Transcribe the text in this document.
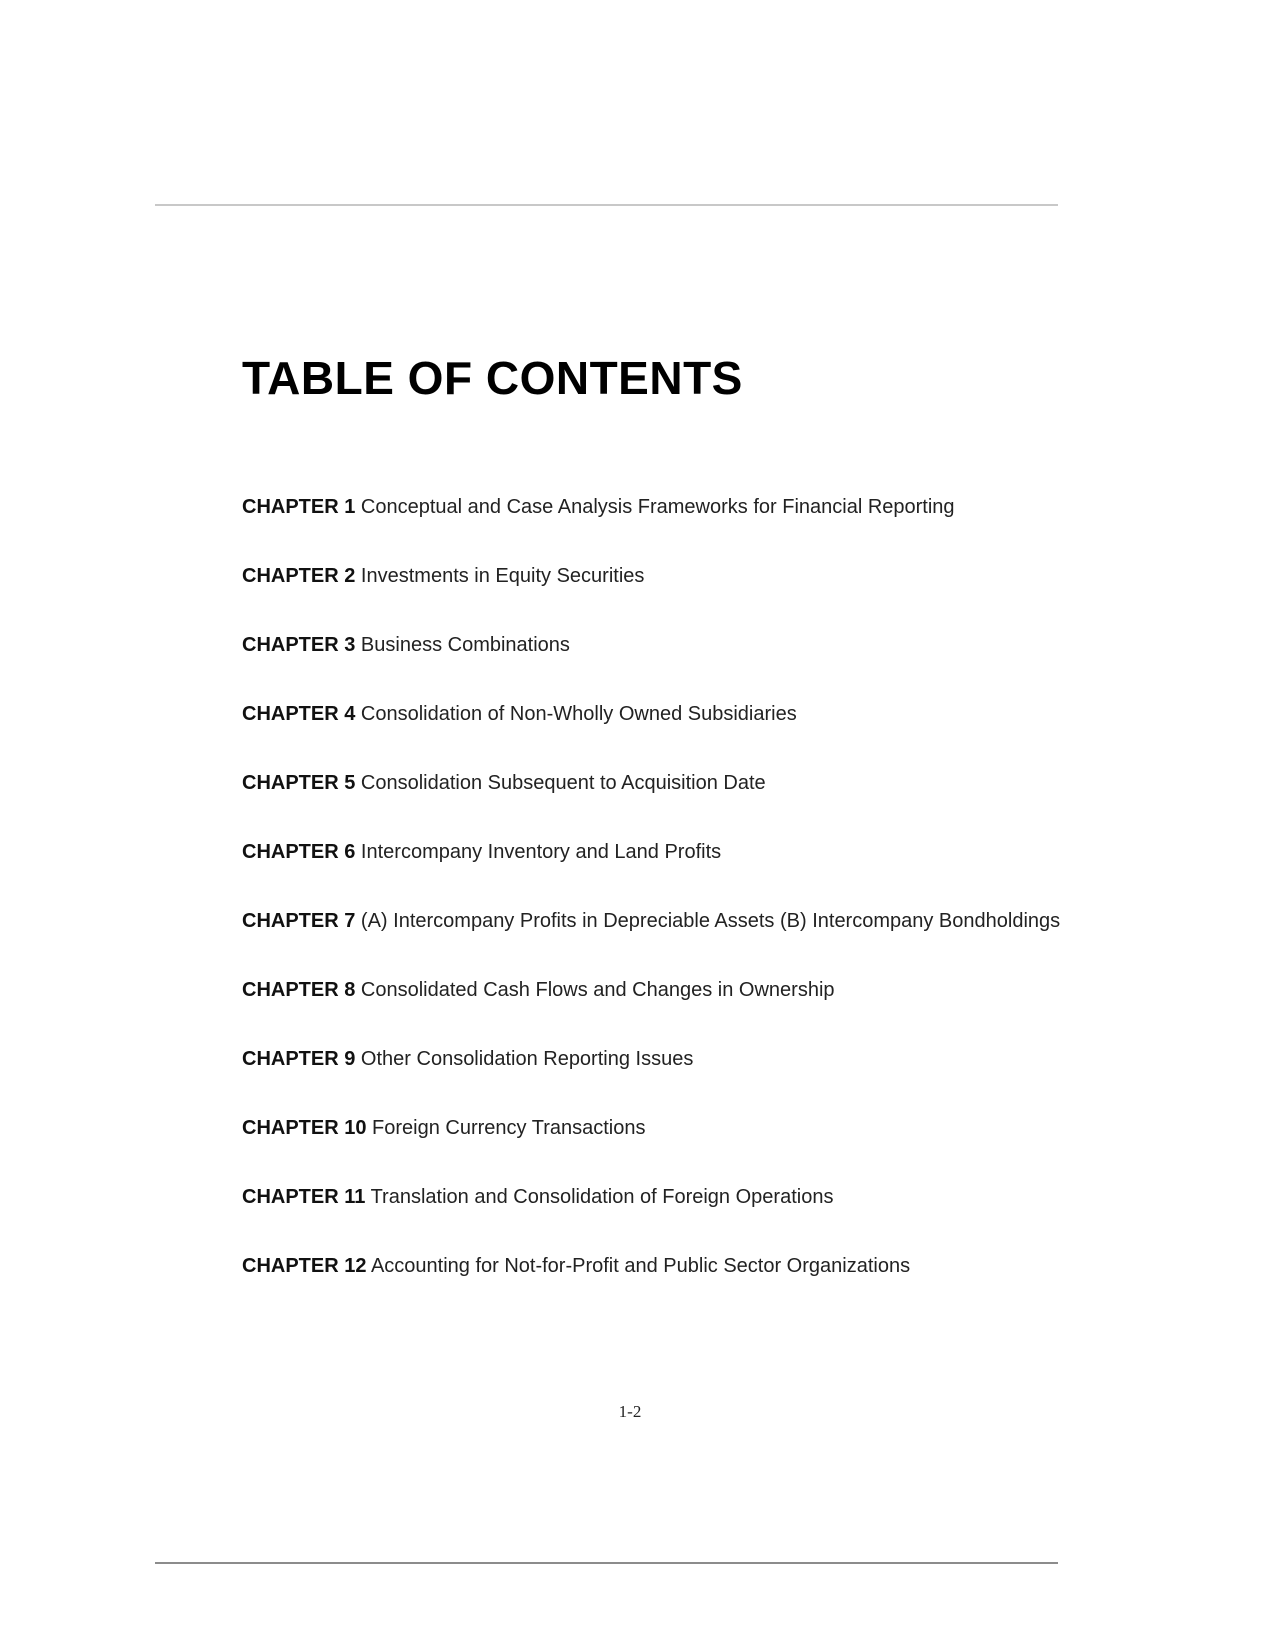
TABLE OF CONTENTS
CHAPTER 1 Conceptual and Case Analysis Frameworks for Financial Reporting
CHAPTER 2 Investments in Equity Securities
CHAPTER 3 Business Combinations
CHAPTER 4 Consolidation of Non-Wholly Owned Subsidiaries
CHAPTER 5 Consolidation Subsequent to Acquisition Date
CHAPTER 6 Intercompany Inventory and Land Profits
CHAPTER 7 (A) Intercompany Profits in Depreciable Assets (B) Intercompany Bondholdings
CHAPTER 8 Consolidated Cash Flows and Changes in Ownership
CHAPTER 9 Other Consolidation Reporting Issues
CHAPTER 10 Foreign Currency Transactions
CHAPTER 11 Translation and Consolidation of Foreign Operations
CHAPTER 12 Accounting for Not-for-Profit and Public Sector Organizations
1-2
